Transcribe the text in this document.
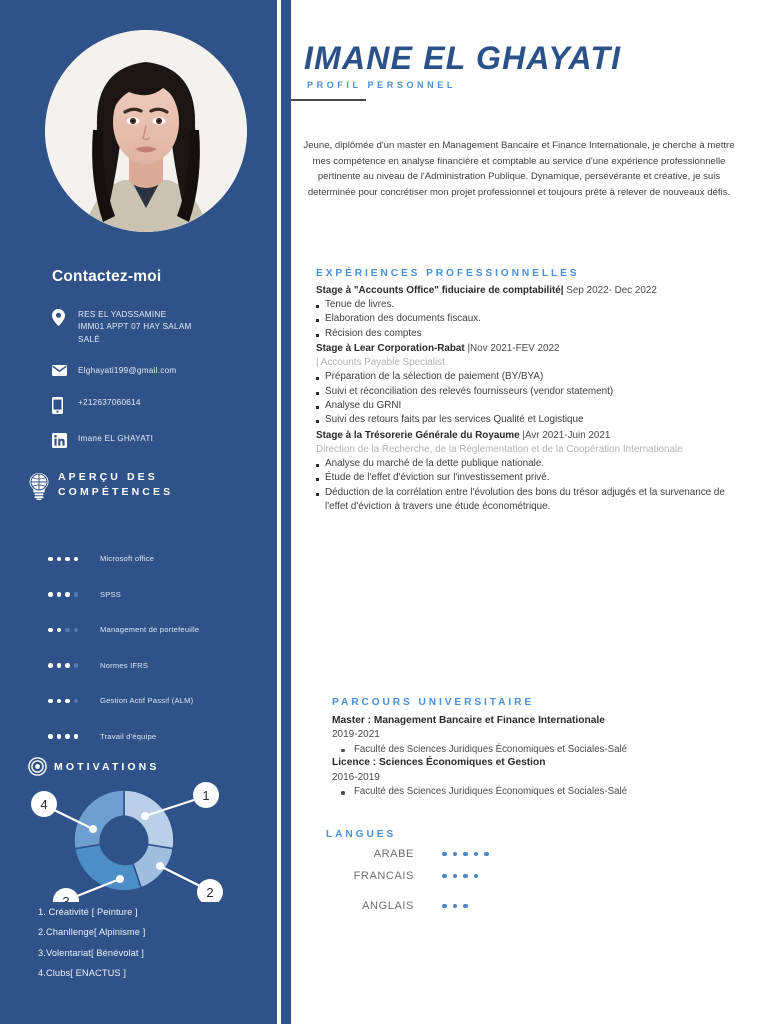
Contactez-moi
RES EL YADSSAMINE
IMM01 APPT 07 HAY SALAM
SALÉ
Elghayati199@gmail.com
+212637060614
Imane EL GHAYATI
APERÇU DES
COMPÉTENCES
Microsoft office
SPSS
Management de portefeuille
Normes IFRS
Gestion Actif Passif (ALM)
Travail d'équipe
MOTIVATIONS
1
2
3
4
1. Créativité [ Peinture ]
2.Chanllenge[ Alpinisme ]
3.Volentariat[ Bénévolat ]
4.Clubs[ ENACTUS ]
IMANE EL GHAYATI
PROFIL PERSONNEL
Jeune, diplômée d'un master en Management Bancaire et Finance Internationale, je cherche à mettre mes compétence en analyse financière et comptable au service d'une expérience professionnelle pertinente au niveau de l'Administration Publique. Dynamique, persévérante et créative, je suis determinée pour concrétiser mon projet professionnel et toujours prête à relever de nouveaux défis.
EXPÉRIENCES PROFESSIONNELLES
Stage à "Accounts Office" fiduciaire de comptabilité| Sep 2022- Dec 2022
Tenue de livres.
Elaboration des documents fiscaux.
Récision des comptes
Stage à Lear Corporation-Rabat |Nov 2021-FEV 2022
| Accounts Payable Specialist
Préparation de la sélection de paiement (BY/BYA)
Suivi et réconciliation des relevés fournisseurs (vendor statement)
Analyse du GRNI
Suivi des retours faits par les services Qualité et Logistique
Stage à la Trésorerie Générale du Royaume |Avr 2021-Juin 2021
Direction de la Recherche, de la Réglementation et de la Coopération Internationale
Analyse du marché de la dette publique nationale.
Étude de l'effet d'éviction sur l'investissement privé.
Déduction de la corrélation entre l'évolution des bons du trésor adjugés et la survenance de l'effet d'éviction à travers une étude économétrique.
PARCOURS UNIVERSITAIRE
Master : Management Bancaire et Finance Internationale
2019-2021
Faculté des Sciences Juridiques Économiques et Sociales-Salé
Licence : Sciences Économiques et Gestion
2016-2019
Faculté des Sciences Juridiques Économiques et Sociales-Salé
LANGUES
ARABE
FRANCAIS
ANGLAIS
